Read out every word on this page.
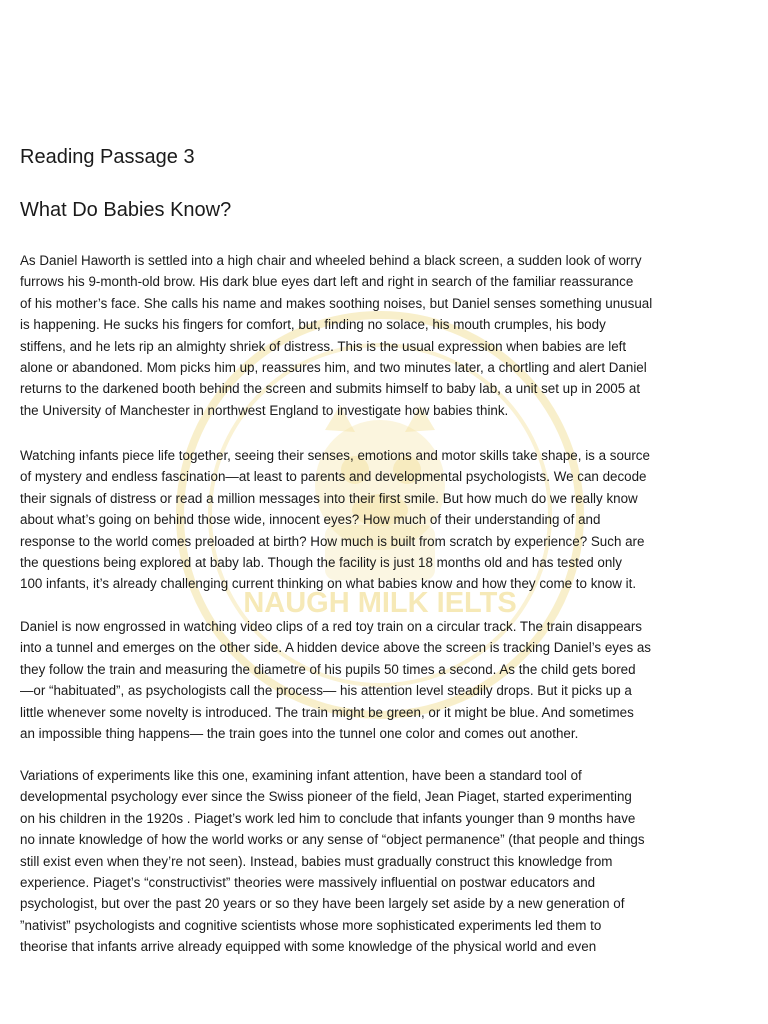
NAUGH MILK IELTS
Reading Passage 3
What Do Babies Know?

As Daniel Haworth is settled into a high chair and wheeled behind a black screen, a sudden look of worry
furrows his 9-month-old brow. His dark blue eyes dart left and right in search of the familiar reassurance
of his mother’s face. She calls his name and makes soothing noises, but Daniel senses something unusual
is happening. He sucks his fingers for comfort, but, finding no solace, his mouth crumples, his body
stiffens, and he lets rip an almighty shriek of distress. This is the usual expression when babies are left
alone or abandoned. Mom picks him up, reassures him, and two minutes later, a chortling and alert Daniel
returns to the darkened booth behind the screen and submits himself to baby lab, a unit set up in 2005 at
the University of Manchester in northwest England to investigate how babies think.

Watching infants piece life together, seeing their senses, emotions and motor skills take shape, is a source
of mystery and endless fascination—at least to parents and developmental psychologists. We can decode
their signals of distress or read a million messages into their first smile. But how much do we really know
about what’s going on behind those wide, innocent eyes? How much of their understanding of and
response to the world comes preloaded at birth? How much is built from scratch by experience? Such are
the questions being explored at baby lab. Though the facility is just 18 months old and has tested only
100 infants, it’s already challenging current thinking on what babies know and how they come to know it.

Daniel is now engrossed in watching video clips of a red toy train on a circular track. The train disappears
into a tunnel and emerges on the other side. A hidden device above the screen is tracking Daniel’s eyes as
they follow the train and measuring the diametre of his pupils 50 times a second. As the child gets bored
—or “habituated”, as psychologists call the process— his attention level steadily drops. But it picks up a
little whenever some novelty is introduced. The train might be green, or it might be blue. And sometimes
an impossible thing happens— the train goes into the tunnel one color and comes out another.

Variations of experiments like this one, examining infant attention, have been a standard tool of
developmental psychology ever since the Swiss pioneer of the field, Jean Piaget, started experimenting
on his children in the 1920s . Piaget’s work led him to conclude that infants younger than 9 months have
no innate knowledge of how the world works or any sense of “object permanence” (that people and things
still exist even when they’re not seen). Instead, babies must gradually construct this knowledge from
experience. Piaget’s “constructivist” theories were massively influential on postwar educators and
psychologist, but over the past 20 years or so they have been largely set aside by a new generation of
”nativist” psychologists and cognitive scientists whose more sophisticated experiments led them to
theorise that infants arrive already equipped with some knowledge of the physical world and even
